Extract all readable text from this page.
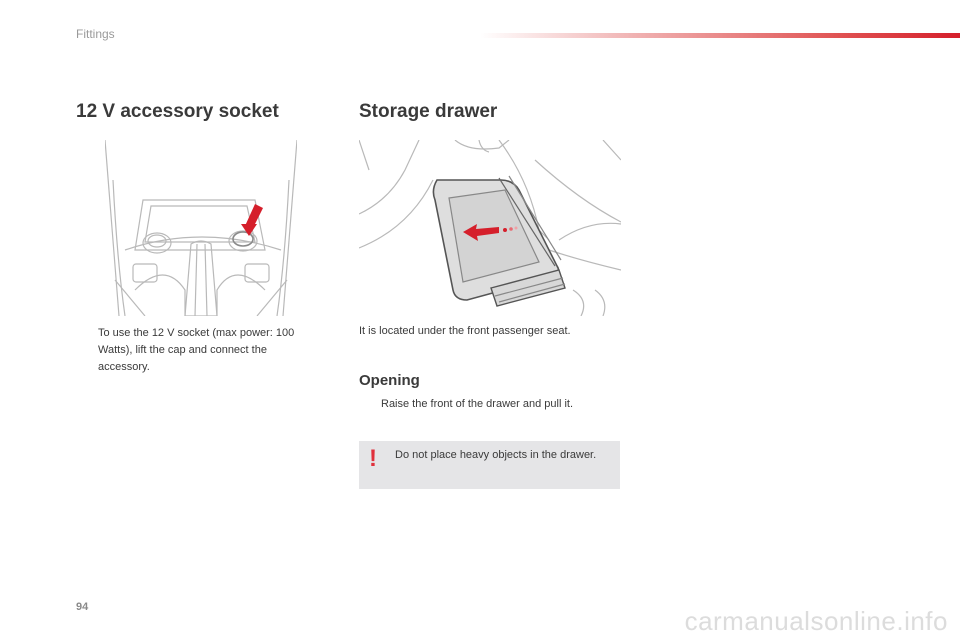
Fittings
12 V accessory socket	Storage drawer
To use the 12 V socket (max power: 100 Watts), lift the cap and connect the accessory.
It is located under the front passenger seat.
Opening
Raise the front of the drawer and pull it.
! Do not place heavy objects in the drawer.
94	carmanualsonline.info
